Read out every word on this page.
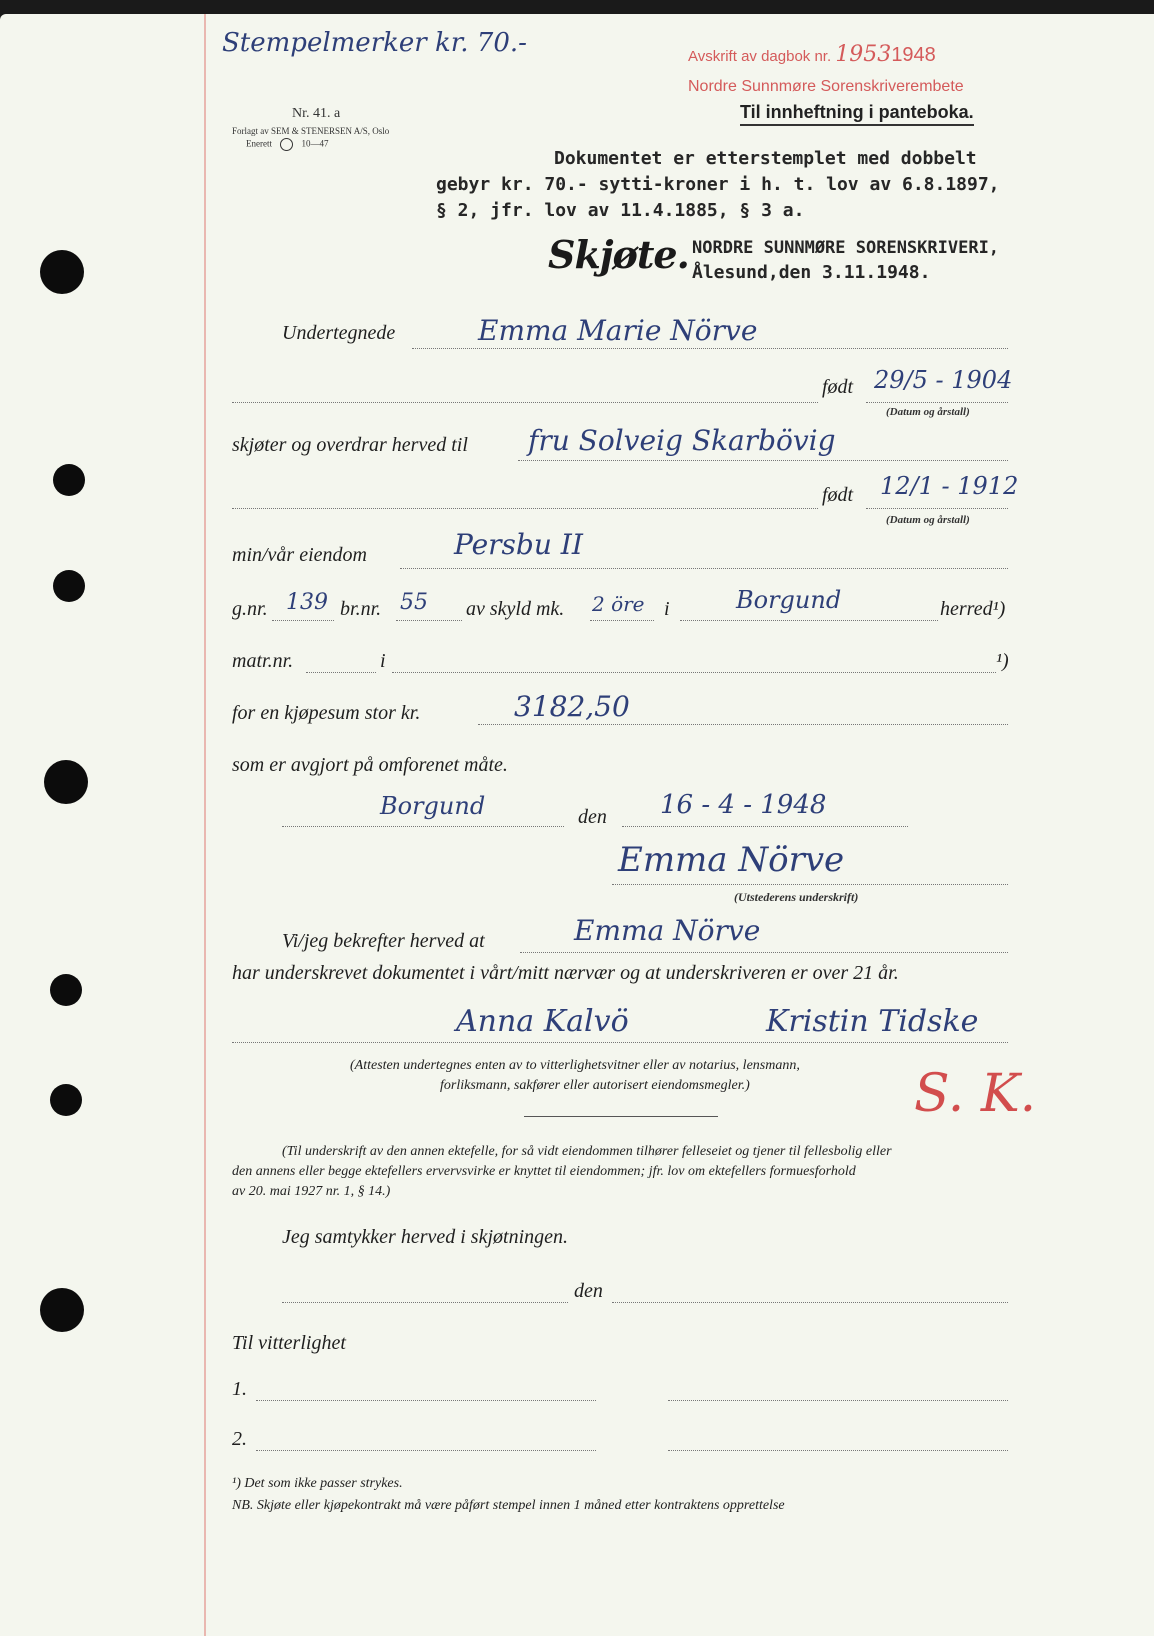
Stempelmerker kr. 70.-	Avskrift av dagbok nr. 19531948
Nordre Sunnmøre Sorenskriverembete
Til innheftning i panteboka.
Nr. 41. a
Forlagt av SEM & STENERSEN A/S, Oslo
Enerett	10—47
Dokumentet er etterstemplet med dobbelt
gebyr kr. 70.- sytti-kroner i h. t. lov av 6.8.1897,
§ 2, jfr. lov av 11.4.1885, § 3 a.
Skjøte. NORDRE SUNNMØRE SORENSKRIVERI,
Ålesund,den 3.11.1948.
Undertegnede	Emma Marie Nörve
født 29/5 - 1904
(Datum og årstall)
skjøter og overdrar herved til fru Solveig Skarbövig
født 12/1 - 1912
(Datum og årstall)
min/vår eiendom	Persbu II
g.nr. 139 br.nr. 55 av skyld mk. 2 öre i	Borgund	herred¹)
matr.nr.	i	¹)
for en kjøpesum stor kr.	3182,50
som er avgjort på omforenet måte.
Borgund	den 16 - 4 - 1948
Emma Nörve
(Utstederens underskrift)
Vi/jeg bekrefter herved at	Emma Nörve
har underskrevet dokumentet i vårt/mitt nærvær og at underskriveren er over 21 år.
Anna Kalvö	Kristin Tidske
(Attesten undertegnes enten av to vitterlighetsvitner eller av notarius, lensmann,
forliksmann, sakfører eller autorisert eiendomsmegler.)	S. K.
(Til underskrift av den annen ektefelle, for så vidt eiendommen tilhører felleseiet og tjener til fellesbolig eller
den annens eller begge ektefellers ervervsvirke er knyttet til eiendommen; jfr. lov om ektefellers formuesforhold
av 20. mai 1927 nr. 1, § 14.)
Jeg samtykker herved i skjøtningen.
den
Til vitterlighet
1.
2.
¹) Det som ikke passer strykes.
NB. Skjøte eller kjøpekontrakt må være påført stempel innen 1 måned etter kontraktens opprettelse
